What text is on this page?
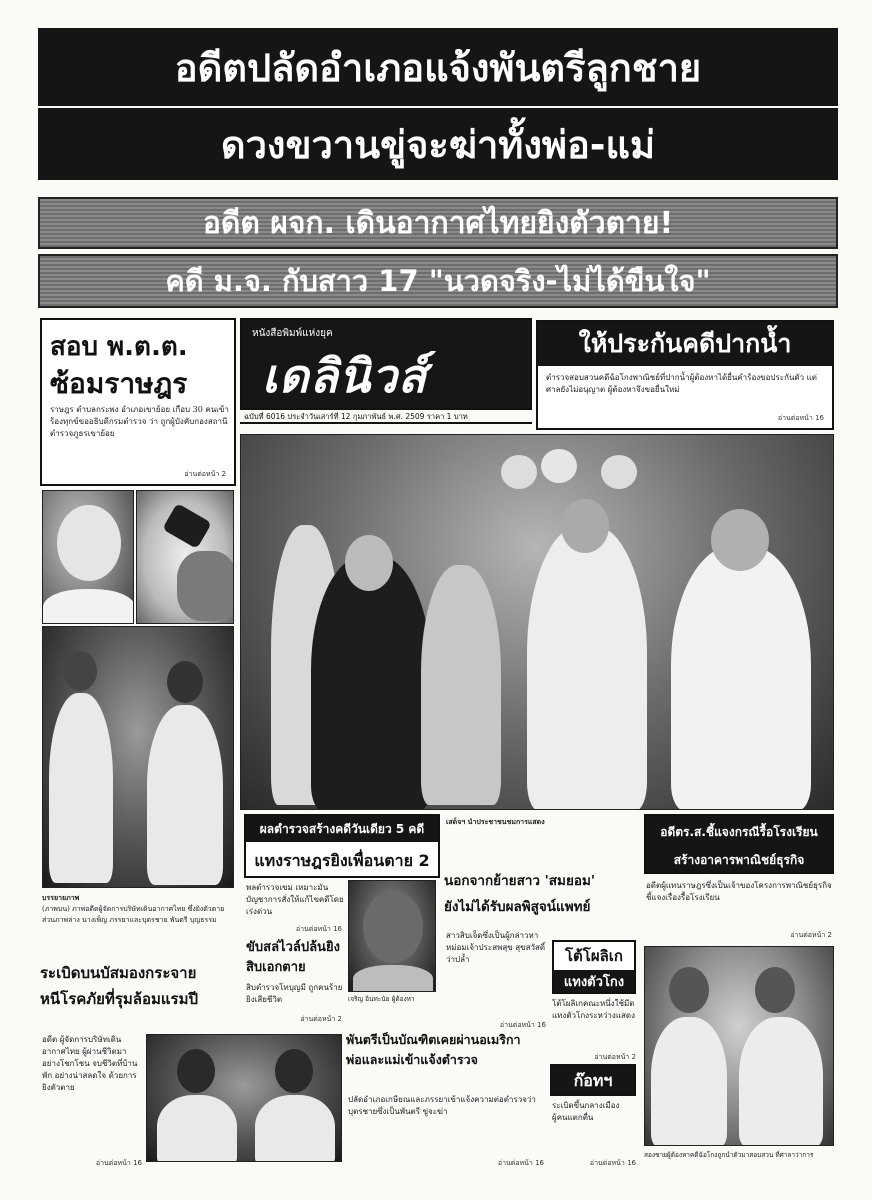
อดีตปลัดอำเภอแจ้งพันตรีลูกชาย
ดวงขวานขู่จะฆ่าทั้งพ่อ-แม่
อดีต ผจก. เดินอากาศไทยยิงตัวตาย!
คดี ม.จ. กับสาว 17 "นวดจริง-ไม่ได้ขืนใจ"
สอบ พ.ต.ต.
ซ้อมราษฎร
ราษฎร ตำบลกระพง อำเภอเขาย้อย เกือบ 30 คนเข้าร้องทุกข์ขออธิบดีกรมตำรวจ ว่า ถูกผู้บังคับกองสถานีตำรวจภูธรเขาย้อย
อ่านต่อหน้า 2
หนังสือพิมพ์แห่งยุค
เดลินิวส์
ฉบับที่ 6016 ประจำวันเสาร์ที่ 12 กุมภาพันธ์ พ.ศ. 2509 ราคา 1 บาท
ให้ประกันคดีปากน้ำ
ตำรวจสอบสวนคดีฉ้อโกงพาณิชย์ที่ปากน้ำผู้ต้องหาได้ยื่นคำร้องขอประกันตัว แต่ศาลยังไม่อนุญาต ผู้ต้องหาจึงขอยื่นใหม่
อ่านต่อหน้า 16
บรรยายภาพ
(ภาพบน) ภาพอดีตผู้จัดการบริษัทเดินอากาศไทย ซึ่งยิงตัวตาย ส่วนภาพล่าง นางเพ็ญ ภรรยาและบุตรชาย พันตรี บุญธรรม
ระเบิดบนบัสมองกระจาย
หนีโรคภัยที่รุมล้อมแรมปี
อดีต ผู้จัดการบริษัทเดินอากาศไทย ผู้ผ่านชีวิตมาอย่างโชกโชน จบชีวิตที่บ้านพัก อย่างน่าสลดใจ ด้วยการยิงตัวตาย
อ่านต่อหน้า 16
ผลตำรวจสร้างคดีวันเดียว 5 คดี
แทงราษฎรยิงเพื่อนตาย 2
พลตำรวจเขม เหมาะมัน บัญชาการสั่งให้แก้ไขคดีโดยเร่งด่วน
อ่านต่อหน้า 16
ขับสล่ไวล์ปล้นยิงสิบเอกตาย
สิบตำรวจโทบุญมี ถูกคนร้ายยิงเสียชีวิต
อ่านต่อหน้า 2
เจริญ อินทะนัย ผู้ต้องหา
เสด็จฯ นำประชาชนชมการแสดง
นอกจากย้ายสาว 'สมยอม'
ยังไม่ได้รับผลพิสูจน์แพทย์
สาวสิบเจ็ดซึ่งเป็นผู้กล่าวหาหม่อมเจ้าประสพสุข สุขสวัสดิ์ ว่าปล้ำ
อ่านต่อหน้า 16
อดีตร.ส.ชี้แจงกรณีรื้อโรงเรียน
สร้างอาคารพาณิชย์ธุรกิจ
อดีตผู้แทนราษฎรซึ่งเป็นเจ้าของโครงการพาณิชย์ธุรกิจ ชี้แจงเรื่องรื้อโรงเรียน
อ่านต่อหน้า 2
โต้โผลิเก
แทงตัวโกง
โต้โผลิเกคณะหนึ่งใช้มีดแทงตัวโกงระหว่างแสดง
อ่านต่อหน้า 2
พันตรีเป็นบัณฑิตเคยผ่านอเมริกา
พ่อและแม่เข้าแจ้งตำรวจ
ปลัดอำเภอเกษียณและภรรยาเข้าแจ้งความต่อตำรวจว่า บุตรชายซึ่งเป็นพันตรี ขู่จะฆ่า
อ่านต่อหน้า 16
ก๊อทฯ
ระเบิดขึ้นกลางเมือง ผู้คนแตกตื่น
อ่านต่อหน้า 16
สองชายผู้ต้องหาคดีฉ้อโกงถูกนำตัวมาสอบสวน ที่ศาลาว่าการ
